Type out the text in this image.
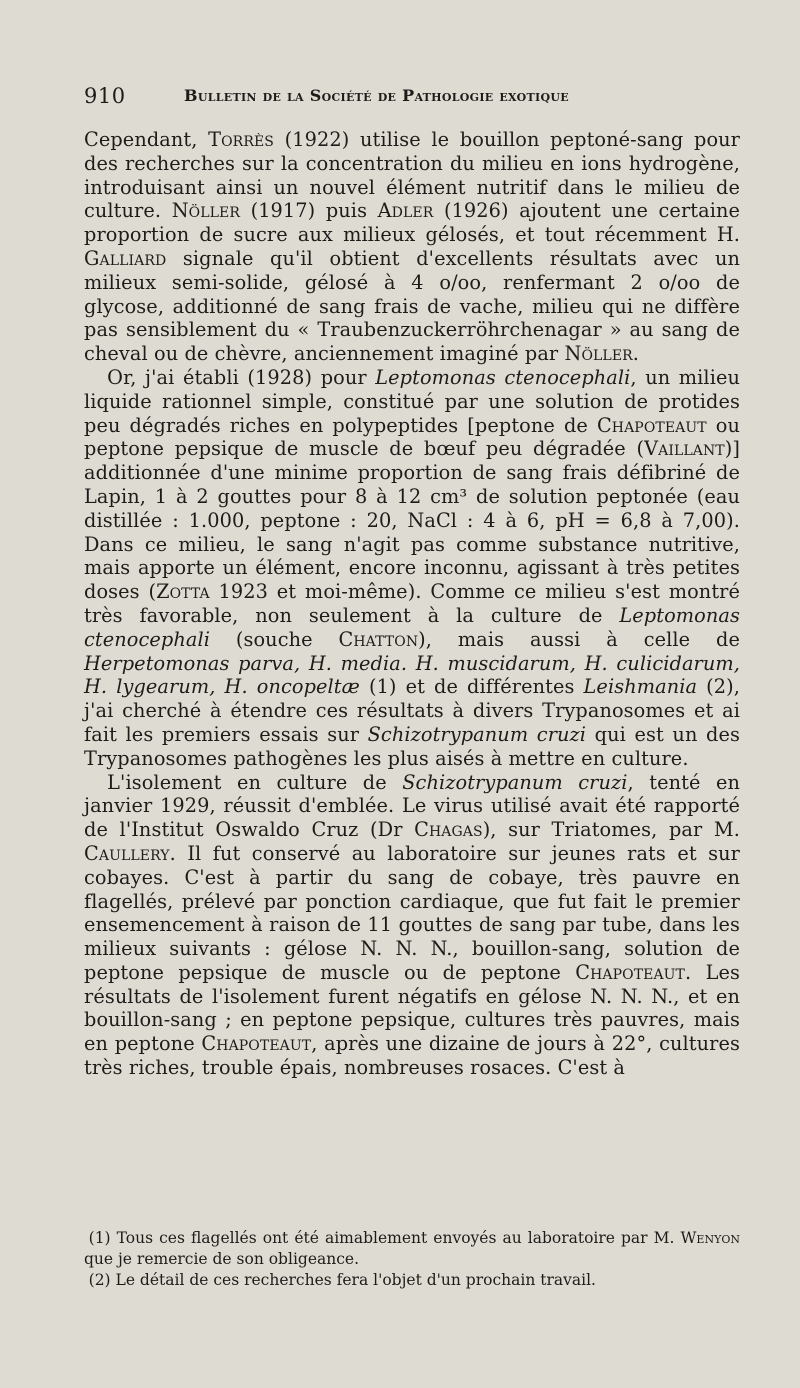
910	Bulletin de la Société de Pathologie exotique

Cependant, Torrès (1922) utilise le bouillon peptoné-sang pour des recherches sur la concentration du milieu en ions hydrogène, introduisant ainsi un nouvel élément nutritif dans le milieu de culture. Nöller (1917) puis Adler (1926) ajoutent une certaine proportion de sucre aux milieux gélosés, et tout récemment H. Galliard signale qu'il obtient d'excellents résultats avec un milieux semi-solide, gélosé à 4 o/oo, renfermant 2 o/oo de glycose, additionné de sang frais de vache, milieu qui ne diffère pas sensiblement du « Traubenzuckerröhrchenagar » au sang de cheval ou de chèvre, anciennement imaginé par Nöller.

Or, j'ai établi (1928) pour Leptomonas ctenocephali, un milieu liquide rationnel simple, constitué par une solution de protides peu dégradés riches en polypeptides [peptone de Chapoteaut ou peptone pepsique de muscle de bœuf peu dégradée (Vaillant)] additionnée d'une minime proportion de sang frais défibriné de Lapin, 1 à 2 gouttes pour 8 à 12 cm³ de solution peptonée (eau distillée : 1.000, peptone : 20, NaCl : 4 à 6, pH = 6,8 à 7,00). Dans ce milieu, le sang n'agit pas comme substance nutritive, mais apporte un élément, encore inconnu, agissant à très petites doses (Zotta 1923 et moi-même). Comme ce milieu s'est montré très favorable, non seulement à la culture de Leptomonas ctenocephali (souche Chatton), mais aussi à celle de Herpetomonas parva, H. media. H. muscidarum, H. culicidarum, H. lygearum, H. oncopeltæ (1) et de différentes Leishmania (2), j'ai cherché à étendre ces résultats à divers Trypanosomes et ai fait les premiers essais sur Schizotrypanum cruzi qui est un des Trypanosomes pathogènes les plus aisés à mettre en culture.

L'isolement en culture de Schizotrypanum cruzi, tenté en janvier 1929, réussit d'emblée. Le virus utilisé avait été rapporté de l'Institut Oswaldo Cruz (Dr Chagas), sur Triatomes, par M. Caullery. Il fut conservé au laboratoire sur jeunes rats et sur cobayes. C'est à partir du sang de cobaye, très pauvre en flagellés, prélevé par ponction cardiaque, que fut fait le premier ensemencement à raison de 11 gouttes de sang par tube, dans les milieux suivants : gélose N. N. N., bouillon-sang, solution de peptone pepsique de muscle ou de peptone Chapoteaut. Les résultats de l'isolement furent négatifs en gélose N. N. N., et en bouillon-sang ; en peptone pepsique, cultures très pauvres, mais en peptone Chapoteaut, après une dizaine de jours à 22°, cultures très riches, trouble épais, nombreuses rosaces. C'est à

(1) Tous ces flagellés ont été aimablement envoyés au laboratoire par M. Wenyon que je remercie de son obligeance.

(2) Le détail de ces recherches fera l'objet d'un prochain travail.
